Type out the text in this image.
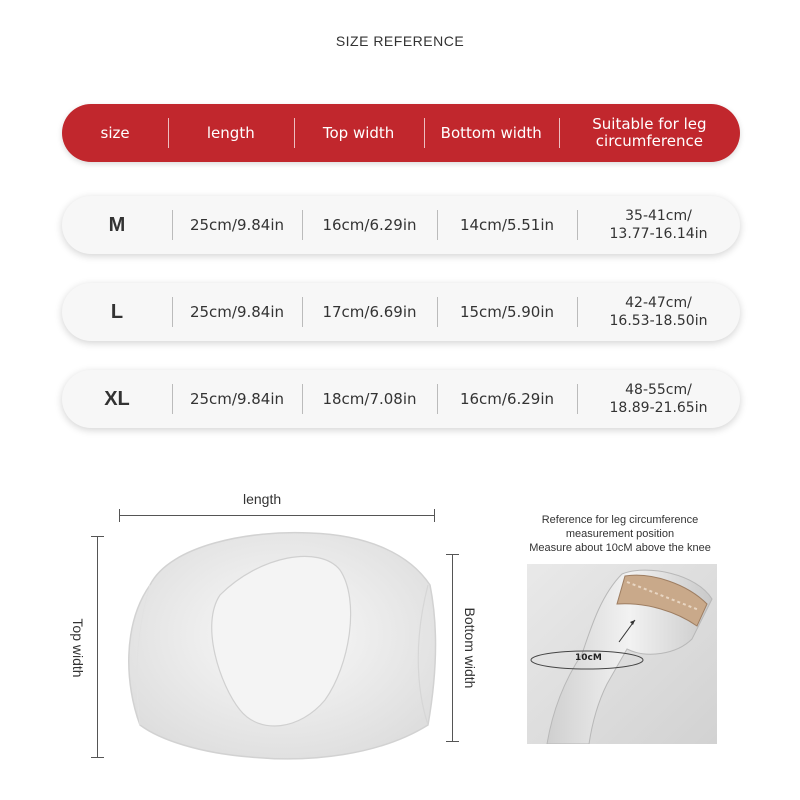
SIZE REFERENCE
size	length	Top width	Bottom width	Suitable for leg circumference
M	25cm/9.84in	16cm/6.29in	14cm/5.51in	35-41cm/
13.77-16.14in
L	25cm/9.84in	17cm/6.69in	15cm/5.90in	42-47cm/
16.53-18.50in
XL	25cm/9.84in	18cm/7.08in	16cm/6.29in	48-55cm/
18.89-21.65in
length
Top width	Bottom width
Reference for leg circumference
measurement position
Measure about 10cM above the knee
10cM
